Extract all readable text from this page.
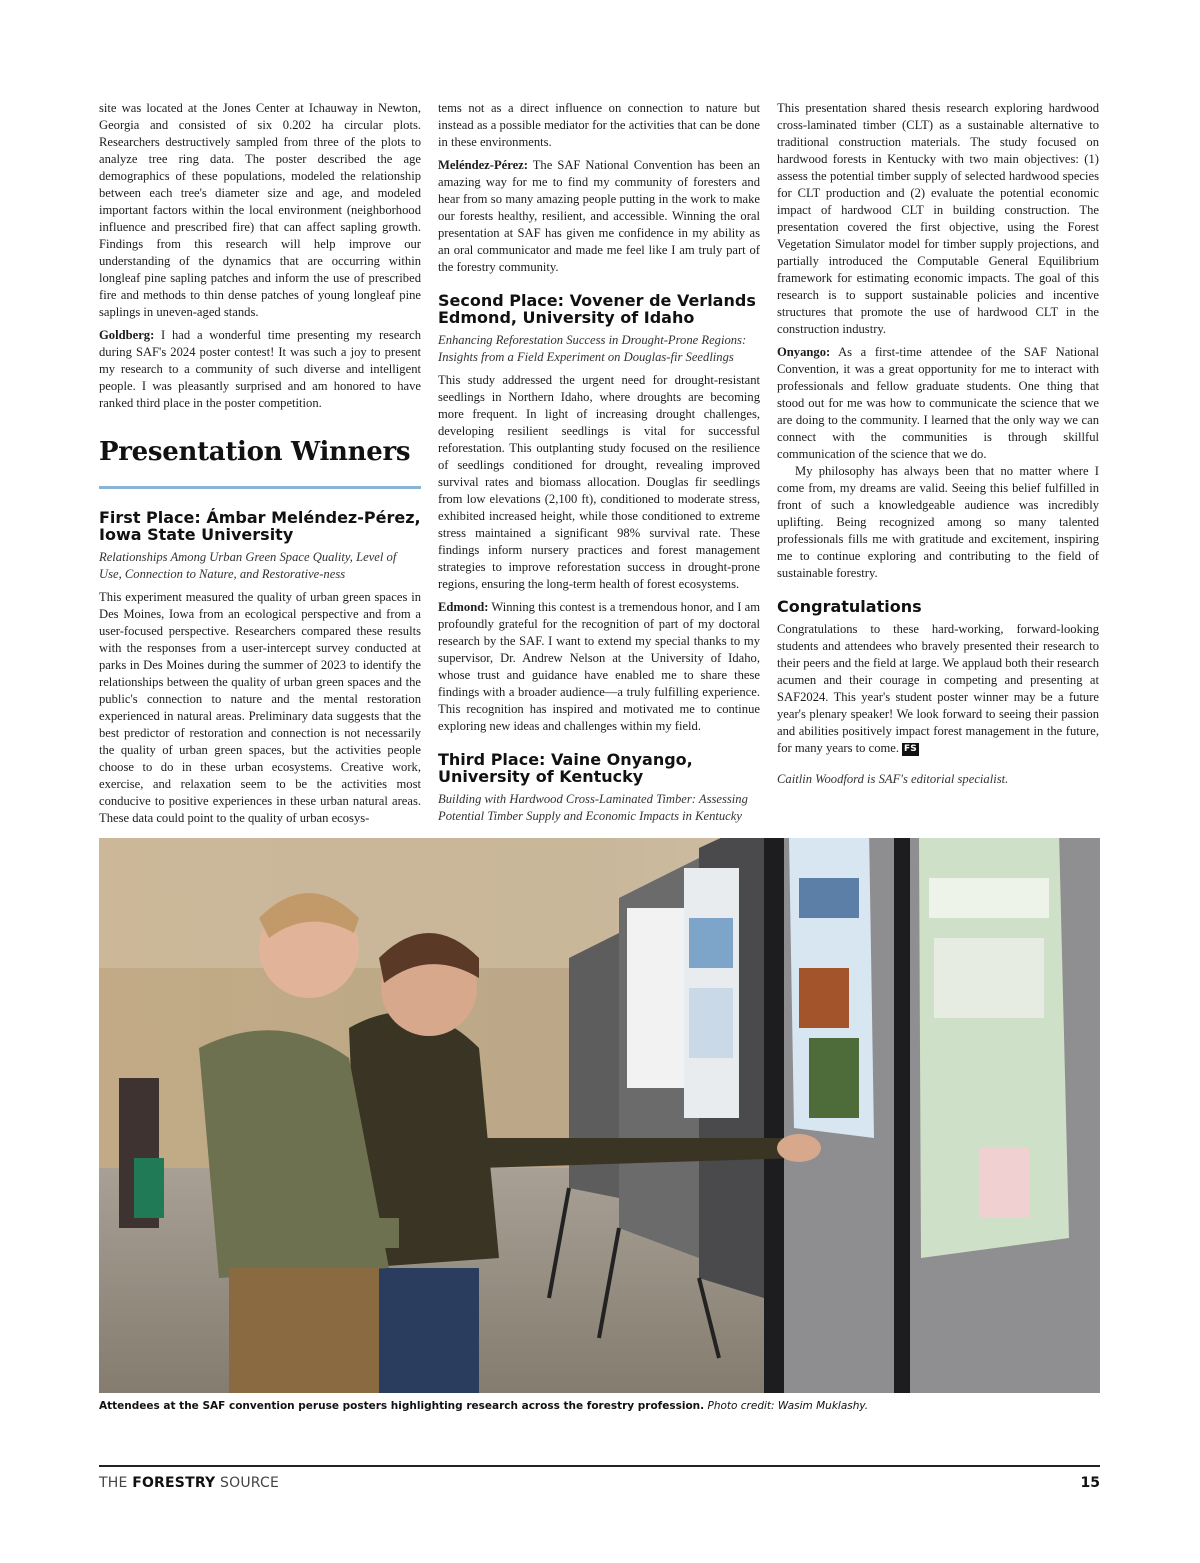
site was located at the Jones Center at Ichauway in Newton, Georgia and consisted of six 0.202 ha circular plots. Researchers destructively sampled from three of the plots to analyze tree ring data. The poster described the age demographics of these populations, modeled the relationship between each tree's diameter size and age, and modeled important factors within the local environment (neighborhood influence and prescribed fire) that can affect sapling growth. Findings from this research will help improve our understanding of the dynamics that are occurring within longleaf pine sapling patches and inform the use of prescribed fire and methods to thin dense patches of young longleaf pine saplings in uneven-aged stands.

Goldberg: I had a wonderful time presenting my research during SAF's 2024 poster contest! It was such a joy to present my research to a community of such diverse and intelligent people. I was pleasantly surprised and am honored to have ranked third place in the poster competition.

Presentation Winners
First Place: Ámbar Meléndez-Pérez, Iowa State University

Relationships Among Urban Green Space Quality, Level of Use, Connection to Nature, and Restorative-ness

This experiment measured the quality of urban green spaces in Des Moines, Iowa from an ecological perspective and from a user-focused perspective. Researchers compared these results with the responses from a user-intercept survey conducted at parks in Des Moines during the summer of 2023 to identify the relationships between the quality of urban green spaces and the public's connection to nature and the mental restoration experienced in natural areas. Preliminary data suggests that the best predictor of restoration and connection is not necessarily the quality of urban green spaces, but the activities people choose to do in these urban ecosystems. Creative work, exercise, and relaxation seem to be the activities most conducive to positive experiences in these urban natural areas. These data could point to the quality of urban ecosys-

tems not as a direct influence on connection to nature but instead as a possible mediator for the activities that can be done in these environments.

Meléndez-Pérez: The SAF National Convention has been an amazing way for me to find my community of foresters and hear from so many amazing people putting in the work to make our forests healthy, resilient, and accessible. Winning the oral presentation at SAF has given me confidence in my ability as an oral communicator and made me feel like I am truly part of the forestry community.

Second Place: Vovener de Verlands Edmond, University of Idaho

Enhancing Reforestation Success in Drought-Prone Regions: Insights from a Field Experiment on Douglas-fir Seedlings

This study addressed the urgent need for drought-resistant seedlings in Northern Idaho, where droughts are becoming more frequent. In light of increasing drought challenges, developing resilient seedlings is vital for successful reforestation. This outplanting study focused on the resilience of seedlings conditioned for drought, revealing improved survival rates and biomass allocation. Douglas fir seedlings from low elevations (2,100 ft), conditioned to moderate stress, exhibited increased height, while those conditioned to extreme stress maintained a significant 98% survival rate. These findings inform nursery practices and forest management strategies to improve reforestation success in drought-prone regions, ensuring the long-term health of forest ecosystems.

Edmond: Winning this contest is a tremendous honor, and I am profoundly grateful for the recognition of part of my doctoral research by the SAF. I want to extend my special thanks to my supervisor, Dr. Andrew Nelson at the University of Idaho, whose trust and guidance have enabled me to share these findings with a broader audience—a truly fulfilling experience. This recognition has inspired and motivated me to continue exploring new ideas and challenges within my field.

Third Place: Vaine Onyango, University of Kentucky

Building with Hardwood Cross-Laminated Timber: Assessing Potential Timber Supply and Economic Impacts in Kentucky

This presentation shared thesis research exploring hardwood cross-laminated timber (CLT) as a sustainable alternative to traditional construction materials. The study focused on hardwood forests in Kentucky with two main objectives: (1) assess the potential timber supply of selected hardwood species for CLT production and (2) evaluate the potential economic impact of hardwood CLT in building construction. The presentation covered the first objective, using the Forest Vegetation Simulator model for timber supply projections, and partially introduced the Computable General Equilibrium framework for estimating economic impacts. The goal of this research is to support sustainable policies and incentive structures that promote the use of hardwood CLT in the construction industry.

Onyango: As a first-time attendee of the SAF National Convention, it was a great opportunity for me to interact with professionals and fellow graduate students. One thing that stood out for me was how to communicate the science that we are doing to the community. I learned that the only way we can connect with the communities is through skillful communication of the science that we do.

My philosophy has always been that no matter where I come from, my dreams are valid. Seeing this belief fulfilled in front of such a knowledgeable audience was incredibly uplifting. Being recognized among so many talented professionals fills me with gratitude and excitement, inspiring me to continue exploring and contributing to the field of sustainable forestry.

Congratulations

Congratulations to these hard-working, forward-looking students and attendees who bravely presented their research to their peers and the field at large. We applaud both their research acumen and their courage in competing and presenting at SAF2024. This year's student poster winner may be a future year's plenary speaker! We look forward to seeing their passion and abilities positively impact forest management in the future, for many years to come. FS

Caitlin Woodford is SAF's editorial specialist.

Attendees at the SAF convention peruse posters highlighting research across the forestry profession. Photo credit: Wasim Muklashy.
THE FORESTRY SOURCE	15
